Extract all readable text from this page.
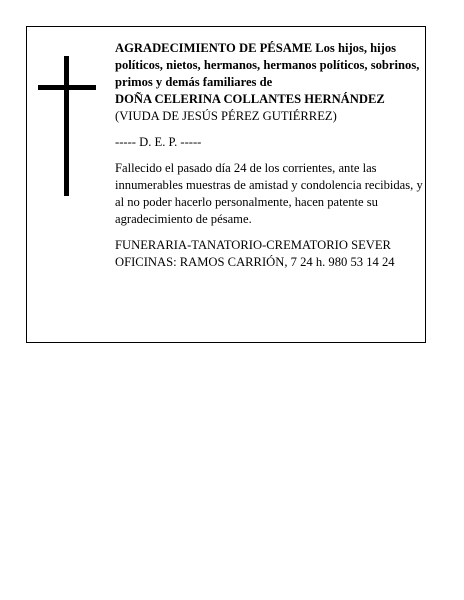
AGRADECIMIENTO DE PÉSAME Los hijos, hijos políticos, nietos, hermanos, hermanos políticos, sobrinos, primos y demás familiares de

DOÑA CELERINA COLLANTES HERNÁNDEZ

(VIUDA DE JESÚS PÉREZ GUTIÉRREZ)

----- D. E. P. -----

Fallecido el pasado día 24 de los corrientes, ante las innumerables muestras de amistad y condolencia recibidas, y al no poder hacerlo personalmente, hacen patente su agradecimiento de pésame.

FUNERARIA-TANATORIO-CREMATORIO SEVER

OFICINAS: RAMOS CARRIÓN, 7 24 h. 980 53 14 24
